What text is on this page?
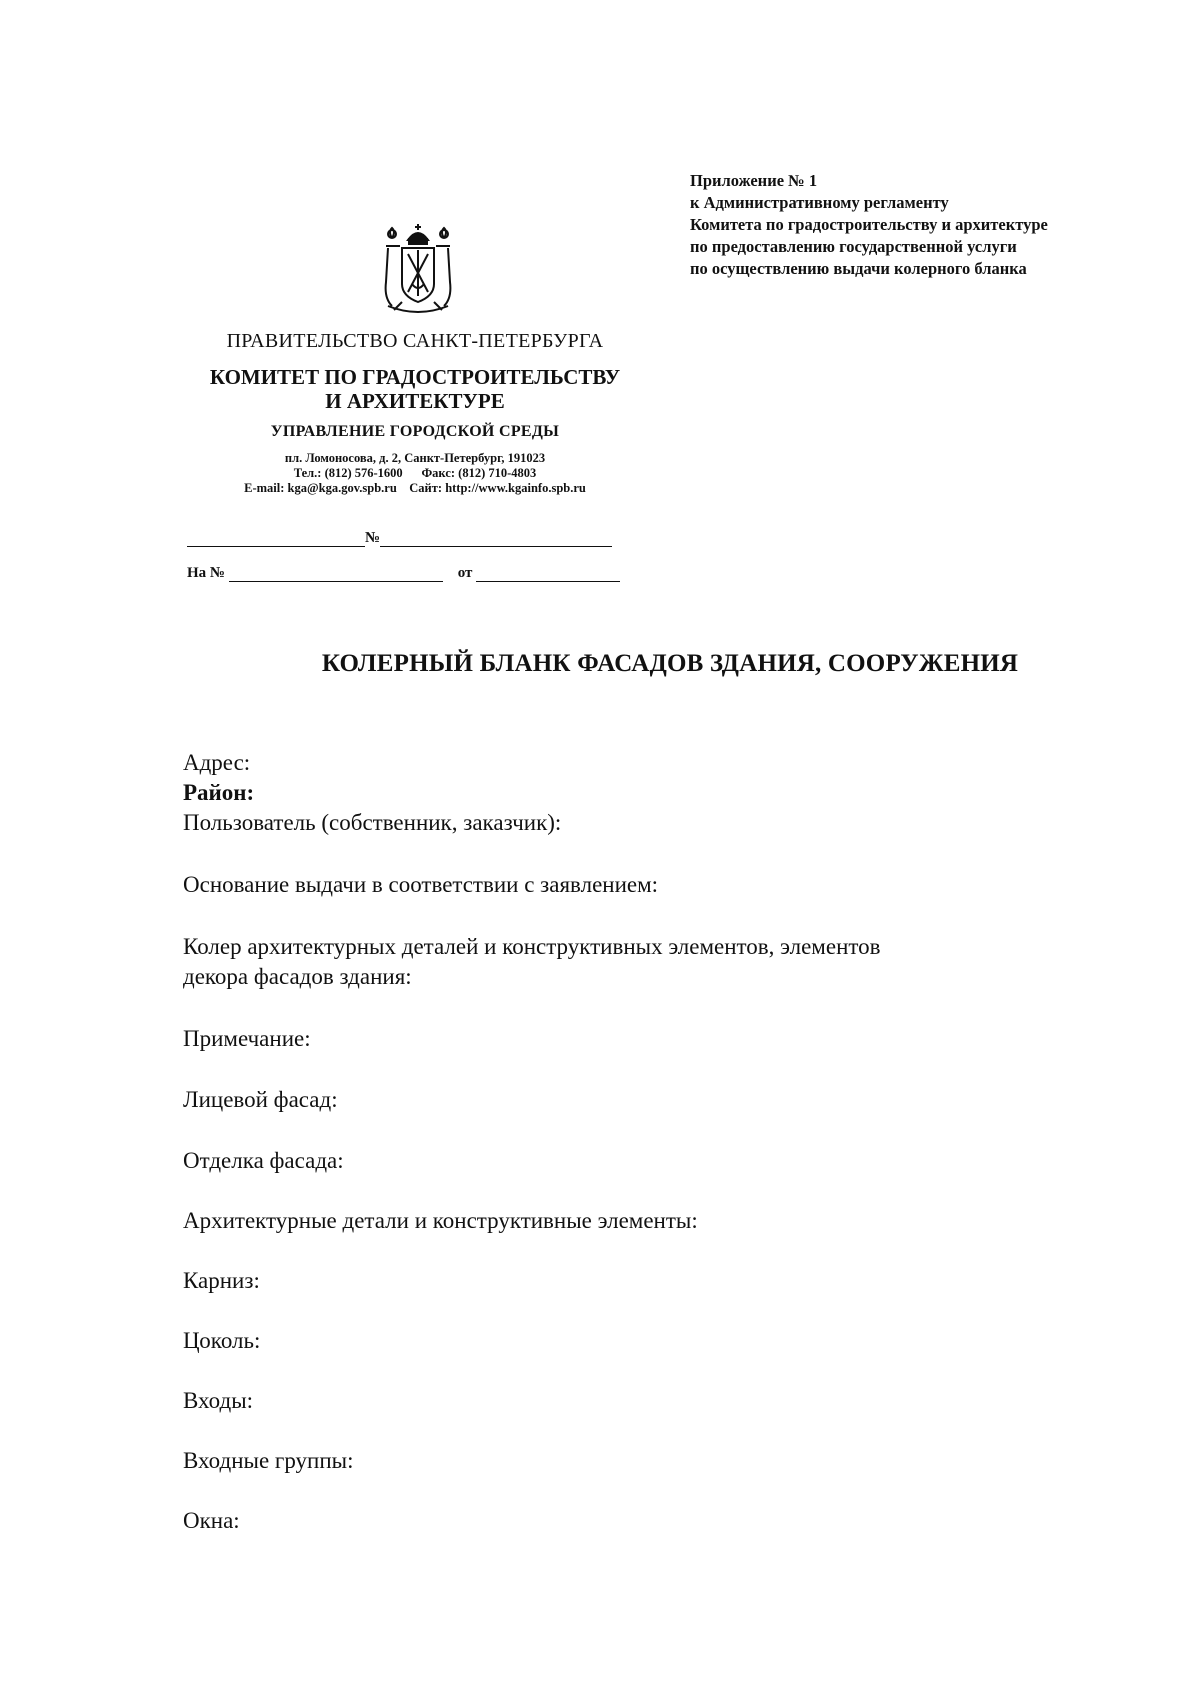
Приложение № 1
к Административному регламенту
Комитета по градостроительству и архитектуре
по предоставлению государственной услуги
по осуществлению выдачи колерного бланка
ПРАВИТЕЛЬСТВО САНКТ-ПЕТЕРБУРГА
КОМИТЕТ ПО ГРАДОСТРОИТЕЛЬСТВУ
И АРХИТЕКТУРЕ
УПРАВЛЕНИЕ ГОРОДСКОЙ СРЕДЫ
пл. Ломоносова, д. 2, Санкт-Петербург, 191023
Тел.: (812) 576-1600 Факс: (812) 710-4803
E-mail: kga@kga.gov.spb.ru Сайт: http://www.kgainfo.spb.ru
№
На №	от
КОЛЕРНЫЙ БЛАНК ФАСАДОВ ЗДАНИЯ, СООРУЖЕНИЯ
Адрес:
Район:
Пользователь (собственник, заказчик):
Основание выдачи в соответствии с заявлением:
Колер архитектурных деталей и конструктивных элементов, элементов
декора фасадов здания:
Примечание:
Лицевой фасад:
Отделка фасада:
Архитектурные детали и конструктивные элементы:
Карниз:
Цоколь:
Входы:
Входные группы:
Окна:
